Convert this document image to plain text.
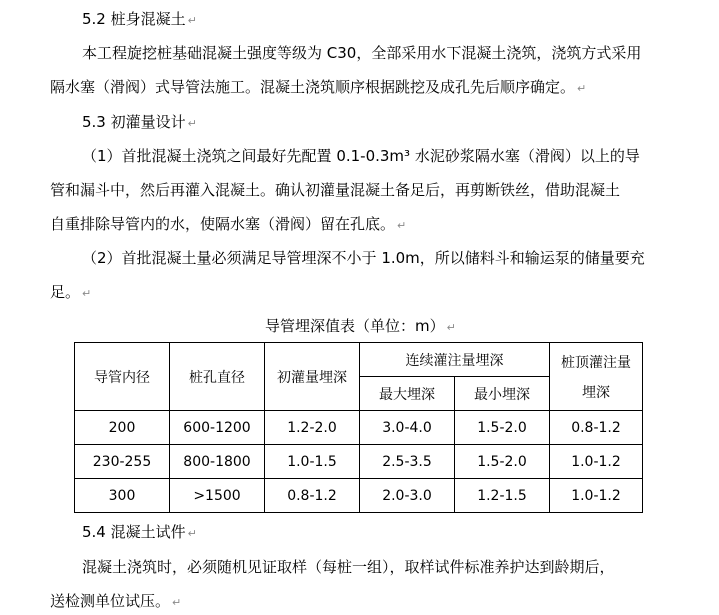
5.2 桩身混凝土 ↵
本工程旋挖桩基础混凝土强度等级为 C30，全部采用水下混凝土浇筑，浇筑方式采用
隔水塞（滑阀）式导管法施工。混凝土浇筑顺序根据跳挖及成孔先后顺序确定。 ↵
5.3 初灌量设计 ↵
（1）首批混凝土浇筑之间最好先配置 0.1-0.3m³ 水泥砂浆隔水塞（滑阀）以上的导
管和漏斗中，然后再灌入混凝土。确认初灌量混凝土备足后，再剪断铁丝，借助混凝土
自重排除导管内的水，使隔水塞（滑阀）留在孔底。 ↵
（2）首批混凝土量必须满足导管埋深不小于 1.0m，所以储料斗和输运泵的储量要充
足。 ↵
导管埋深值表（单位：m） ↵
导管内径	桩孔直径	初灌量埋深	连续灌注量埋深		桩顶灌注量
埋深

			最大埋深	最小埋深	
200	600-1200	1.2-2.0	3.0-4.0	1.5-2.0	0.8-1.2
230-255	800-1800	1.0-1.5	2.5-3.5	1.5-2.0	1.0-1.2
300	>1500	0.8-1.2	2.0-3.0	1.2-1.5	1.0-1.2
5.4 混凝土试件 ↵
混凝土浇筑时，必须随机见证取样（每桩一组），取样试件标准养护达到龄期后，
送检测单位试压。 ↵
